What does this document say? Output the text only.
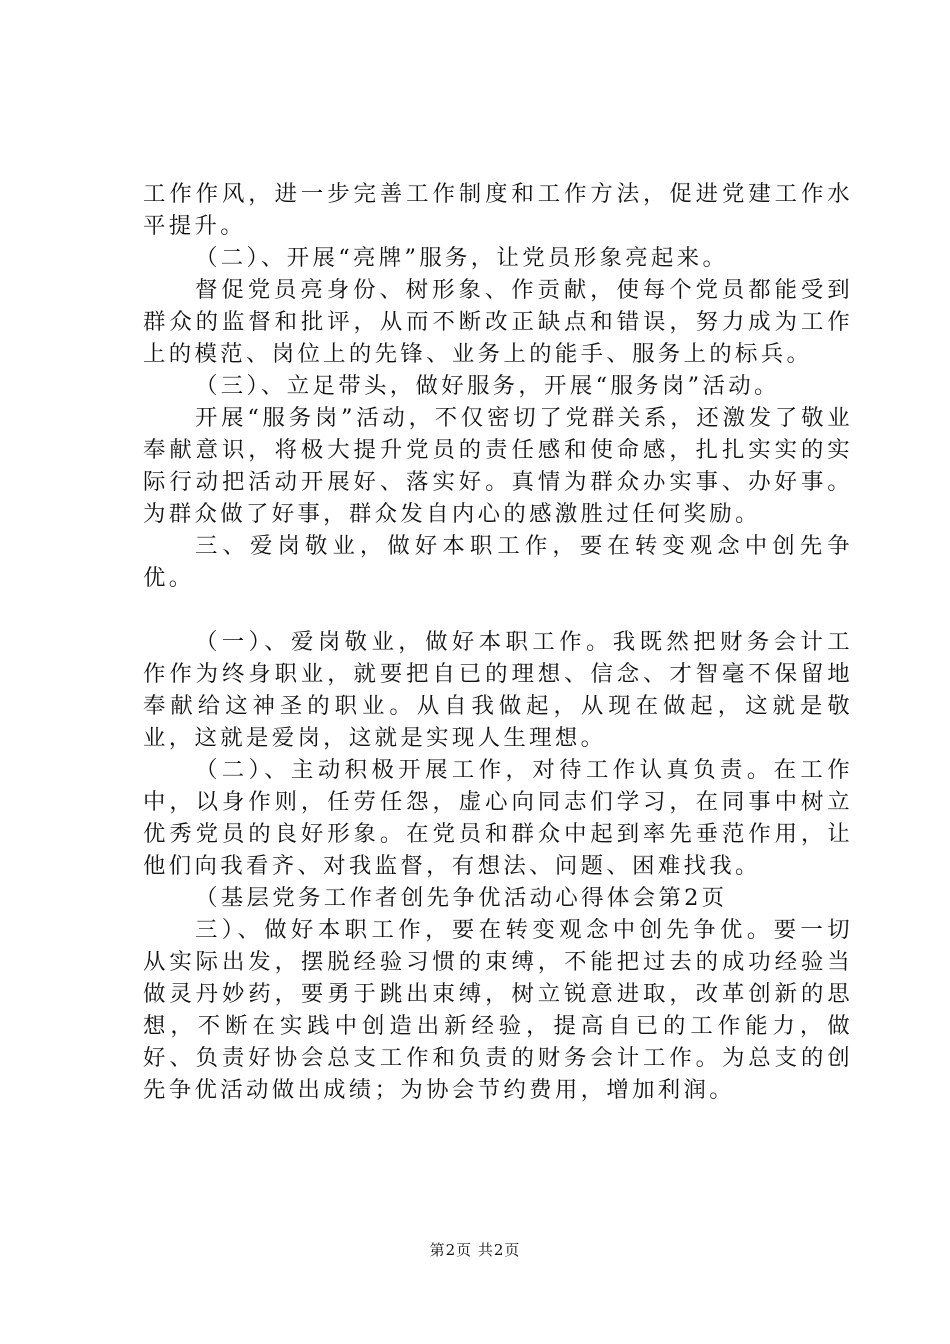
工作作风，进一步完善工作制度和工作方法，促进党建工作水平提升。

（二）、开展“亮牌”服务，让党员形象亮起来。

督促党员亮身份、树形象、作贡献，使每个党员都能受到群众的监督和批评，从而不断改正缺点和错误，努力成为工作上的模范、岗位上的先锋、业务上的能手、服务上的标兵。

（三）、立足带头，做好服务，开展“服务岗”活动。

开展“服务岗”活动，不仅密切了党群关系，还激发了敬业奉献意识，将极大提升党员的责任感和使命感，扎扎实实的实际行动把活动开展好、落实好。真情为群众办实事、办好事。为群众做了好事，群众发自内心的感激胜过任何奖励。

三、爱岗敬业，做好本职工作，要在转变观念中创先争优。

（一）、爱岗敬业，做好本职工作。我既然把财务会计工作作为终身职业，就要把自已的理想、信念、才智毫不保留地奉献给这神圣的职业。从自我做起，从现在做起，这就是敬业，这就是爱岗，这就是实现人生理想。

（二）、主动积极开展工作，对待工作认真负责。在工作中，以身作则，任劳任怨，虚心向同志们学习，在同事中树立优秀党员的良好形象。在党员和群众中起到率先垂范作用，让他们向我看齐、对我监督，有想法、问题、困难找我。

（基层党务工作者创先争优活动心得体会第2页

三）、做好本职工作，要在转变观念中创先争优。要一切从实际出发，摆脱经验习惯的束缚，不能把过去的成功经验当做灵丹妙药，要勇于跳出束缚，树立锐意进取，改革创新的思想，不断在实践中创造出新经验，提高自已的工作能力，做好、负责好协会总支工作和负责的财务会计工作。为总支的创先争优活动做出成绩；为协会节约费用，增加利润。

第2页 共2页
